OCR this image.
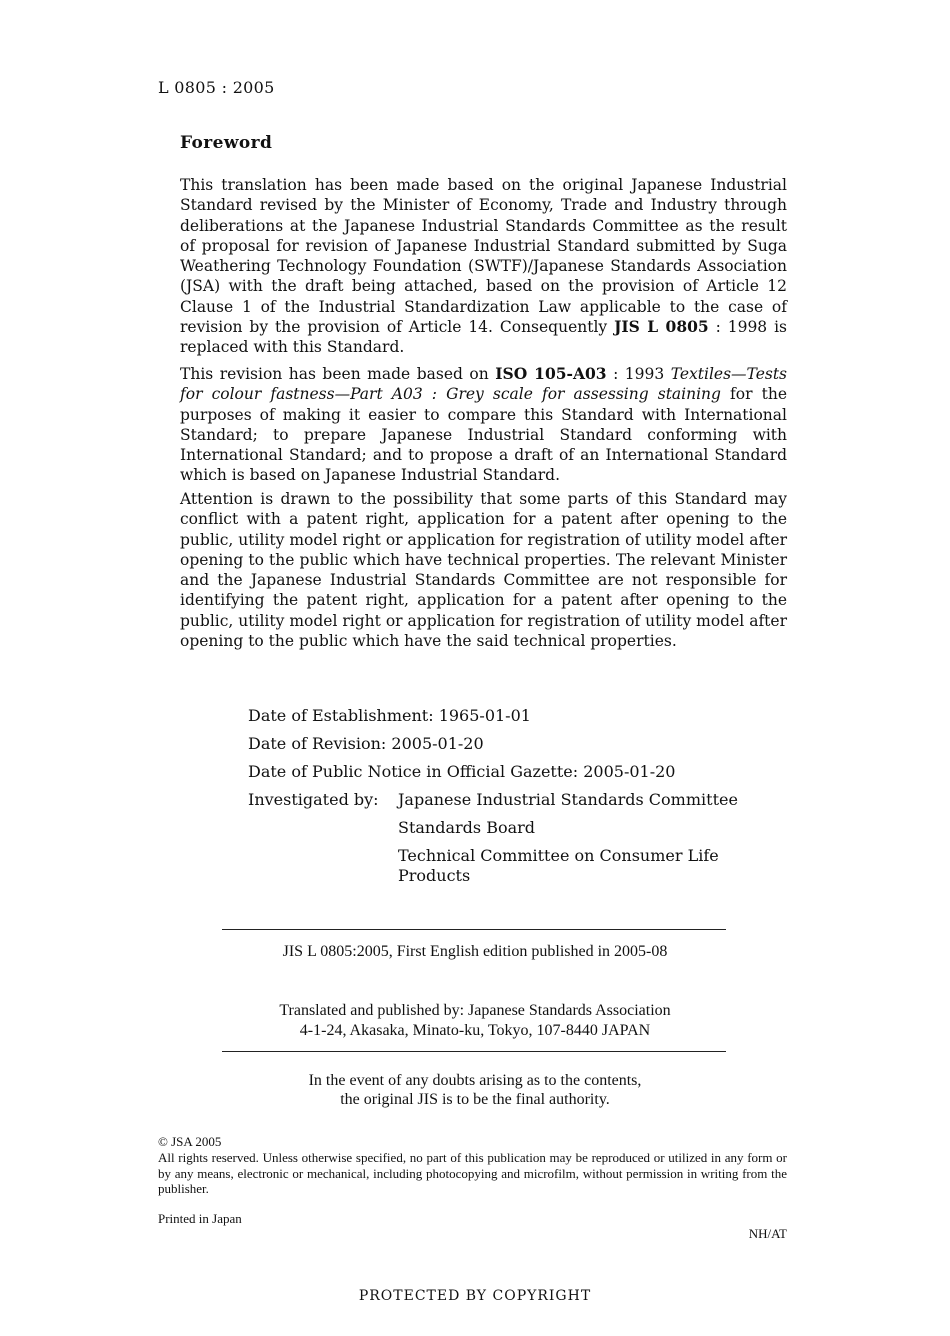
L 0805 : 2005
Foreword

This translation has been made based on the original Japanese Industrial Standard revised by the Minister of Economy, Trade and Industry through deliberations at the Japanese Industrial Standards Committee as the result of proposal for revision of Japanese Industrial Standard submitted by Suga Weathering Technology Foundation (SWTF)/Japanese Standards Association (JSA) with the draft being attached, based on the provision of Article 12 Clause 1 of the Industrial Standardization Law applicable to the case of revision by the provision of Article 14. Consequently JIS L 0805 : 1998 is replaced with this Standard.

This revision has been made based on ISO 105-A03 : 1993 Textiles—Tests for colour fastness—Part A03 : Grey scale for assessing staining for the purposes of making it easier to compare this Standard with International Standard; to prepare Japanese Industrial Standard conforming with International Standard; and to propose a draft of an International Standard which is based on Japanese Industrial Standard.

Attention is drawn to the possibility that some parts of this Standard may conflict with a patent right, application for a patent after opening to the public, utility model right or application for registration of utility model after opening to the public which have technical properties. The relevant Minister and the Japanese Industrial Standards Committee are not responsible for identifying the patent right, application for a patent after opening to the public, utility model right or application for registration of utility model after opening to the public which have the said technical properties.

Date of Establishment: 1965-01-01
Date of Revision: 2005-01-20
Date of Public Notice in Official Gazette: 2005-01-20
Investigated by:	Japanese Industrial Standards Committee
Standards Board
Technical Committee on Consumer Life
Products
JIS L 0805:2005, First English edition published in 2005-08
Translated and published by: Japanese Standards Association
4-1-24, Akasaka, Minato-ku, Tokyo, 107-8440 JAPAN
In the event of any doubts arising as to the contents,
the original JIS is to be the final authority.
© JSA 2005

All rights reserved. Unless otherwise specified, no part of this publication may be reproduced or utilized in any form or by any means, electronic or mechanical, including photocopying and microfilm, without permission in writing from the publisher.

Printed in Japan
NH/AT
PROTECTED BY COPYRIGHT
